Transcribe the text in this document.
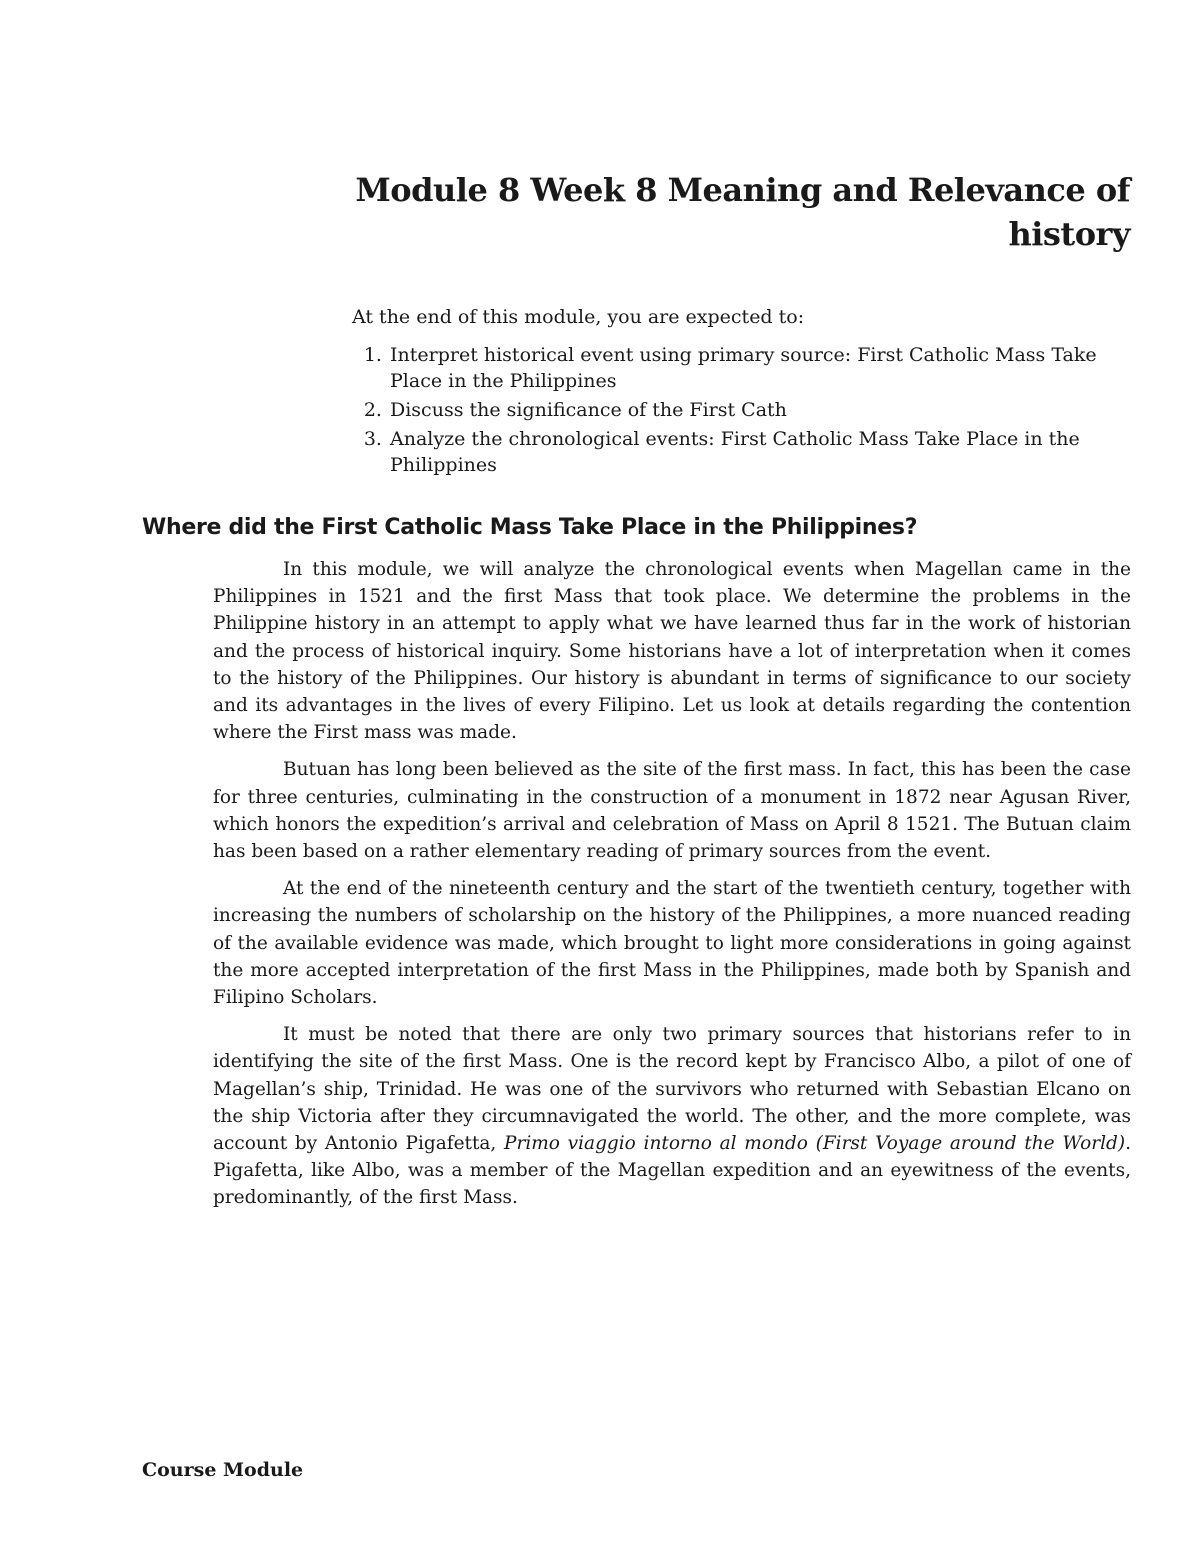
Module 8 Week 8 Meaning and Relevance of history

At the end of this module, you are expected to:

1. Interpret historical event using primary source: First Catholic Mass Take Place in the Philippines
2. Discuss the significance of the First Cath
3. Analyze the chronological events: First Catholic Mass Take Place in the Philippines
Where did the First Catholic Mass Take Place in the Philippines?

In this module, we will analyze the chronological events when Magellan came in the Philippines in 1521 and the first Mass that took place. We determine the problems in the Philippine history in an attempt to apply what we have learned thus far in the work of historian and the process of historical inquiry. Some historians have a lot of interpretation when it comes to the history of the Philippines. Our history is abundant in terms of significance to our society and its advantages in the lives of every Filipino. Let us look at details regarding the contention where the First mass was made.

Butuan has long been believed as the site of the first mass. In fact, this has been the case for three centuries, culminating in the construction of a monument in 1872 near Agusan River, which honors the expedition’s arrival and celebration of Mass on April 8 1521. The Butuan claim has been based on a rather elementary reading of primary sources from the event.

At the end of the nineteenth century and the start of the twentieth century, together with increasing the numbers of scholarship on the history of the Philippines, a more nuanced reading of the available evidence was made, which brought to light more considerations in going against the more accepted interpretation of the first Mass in the Philippines, made both by Spanish and Filipino Scholars.

It must be noted that there are only two primary sources that historians refer to in identifying the site of the first Mass. One is the record kept by Francisco Albo, a pilot of one of Magellan’s ship, Trinidad. He was one of the survivors who returned with Sebastian Elcano on the ship Victoria after they circumnavigated the world. The other, and the more complete, was account by Antonio Pigafetta, Primo viaggio intorno al mondo (First Voyage around the World). Pigafetta, like Albo, was a member of the Magellan expedition and an eyewitness of the events, predominantly, of the first Mass.

Course Module
